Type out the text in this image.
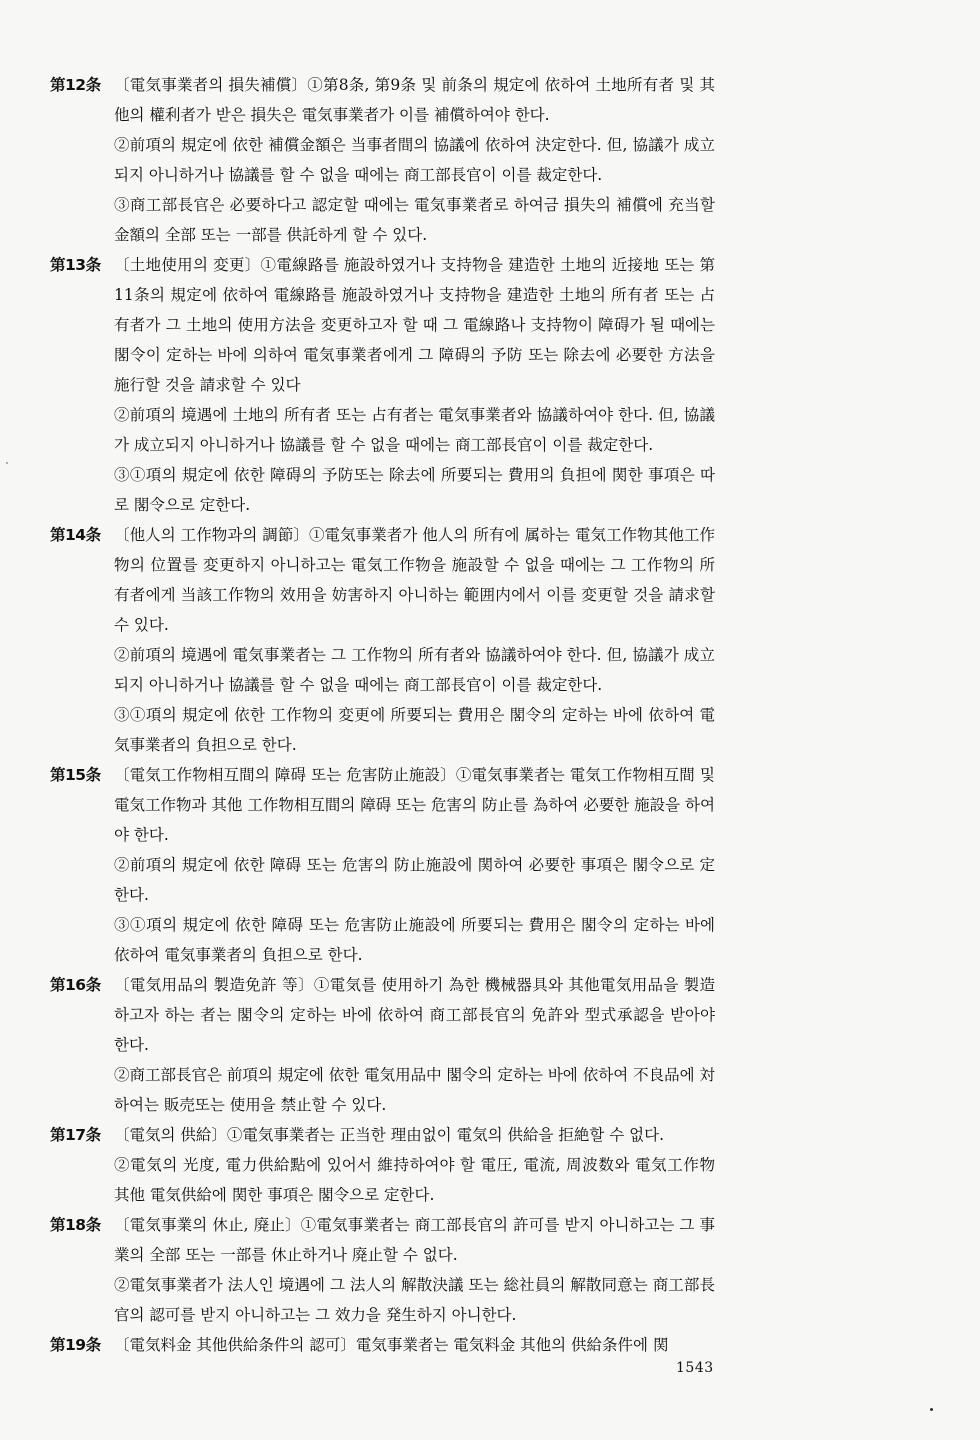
第12条 〔電気事業者의 損失補償〕①第8条, 第9条 및 前条의 規定에 依하여 土地所有者 및 其他의 權利者가 받은 損失은 電気事業者가 이를 補償하여야 한다.

②前項의 規定에 依한 補償金額은 当事者間의 協議에 依하여 決定한다. 但, 協議가 成立되지 아니하거나 協議를 할 수 없을 때에는 商工部長官이 이를 裁定한다.

③商工部長官은 必要하다고 認定할 때에는 電気事業者로 하여금 損失의 補償에 充当할 金額의 全部 또는 一部를 供託하게 할 수 있다.

第13条 〔土地使用의 変更〕①電線路를 施設하였거나 支持物을 建造한 土地의 近接地 또는 第11条의 規定에 依하여 電線路를 施設하였거나 支持物을 建造한 土地의 所有者 또는 占有者가 그 土地의 使用方法을 変更하고자 할 때 그 電線路나 支持物이 障碍가 될 때에는 閣令이 定하는 바에 의하여 電気事業者에게 그 障碍의 予防 또는 除去에 必要한 方法을 施行할 것을 請求할 수 있다

②前項의 境遇에 土地의 所有者 또는 占有者는 電気事業者와 協議하여야 한다. 但, 協議가 成立되지 아니하거나 協議를 할 수 없을 때에는 商工部長官이 이를 裁定한다.

③①項의 規定에 依한 障碍의 予防또는 除去에 所要되는 費用의 負担에 関한 事項은 따로 閣令으로 定한다.

第14条 〔他人의 工作物과의 調節〕①電気事業者가 他人의 所有에 属하는 電気工作物其他工作物의 位置를 変更하지 아니하고는 電気工作物을 施設할 수 없을 때에는 그 工作物의 所有者에게 当該工作物의 效用을 妨害하지 아니하는 範囲内에서 이를 変更할 것을 請求할 수 있다.

②前項의 境遇에 電気事業者는 그 工作物의 所有者와 協議하여야 한다. 但, 協議가 成立되지 아니하거나 協議를 할 수 없을 때에는 商工部長官이 이를 裁定한다.

③①項의 規定에 依한 工作物의 変更에 所要되는 費用은 閣令의 定하는 바에 依하여 電気事業者의 負担으로 한다.

第15条 〔電気工作物相互間의 障碍 또는 危害防止施設〕①電気事業者는 電気工作物相互間 및 電気工作物과 其他 工作物相互間의 障碍 또는 危害의 防止를 為하여 必要한 施設을 하여야 한다.

②前項의 規定에 依한 障碍 또는 危害의 防止施設에 関하여 必要한 事項은 閣令으로 定한다.

③①項의 規定에 依한 障碍 또는 危害防止施設에 所要되는 費用은 閣令의 定하는 바에 依하여 電気事業者의 負担으로 한다.

第16条 〔電気用品의 製造免許 等〕①電気를 使用하기 為한 機械器具와 其他電気用品을 製造하고자 하는 者는 閣令의 定하는 바에 依하여 商工部長官의 免許와 型式承認을 받아야 한다.

②商工部長官은 前項의 規定에 依한 電気用品中 閣令의 定하는 바에 依하여 不良品에 対하여는 販売또는 使用을 禁止할 수 있다.

第17条 〔電気의 供給〕①電気事業者는 正当한 理由없이 電気의 供給을 拒絶할 수 없다.

②電気의 光度, 電力供給點에 있어서 維持하여야 할 電圧, 電流, 周波数와 電気工作物 其他 電気供給에 関한 事項은 閣令으로 定한다.

第18条 〔電気事業의 休止, 廃止〕①電気事業者는 商工部長官의 許可를 받지 아니하고는 그 事業의 全部 또는 一部를 休止하거나 廃止할 수 없다.

②電気事業者가 法人인 境遇에 그 法人의 解散決議 또는 総社員의 解散同意는 商工部長官의 認可를 받지 아니하고는 그 效力을 発生하지 아니한다.

第19条 〔電気料金 其他供給条件의 認可〕電気事業者는 電気料金 其他의 供給条件에 関

1543
